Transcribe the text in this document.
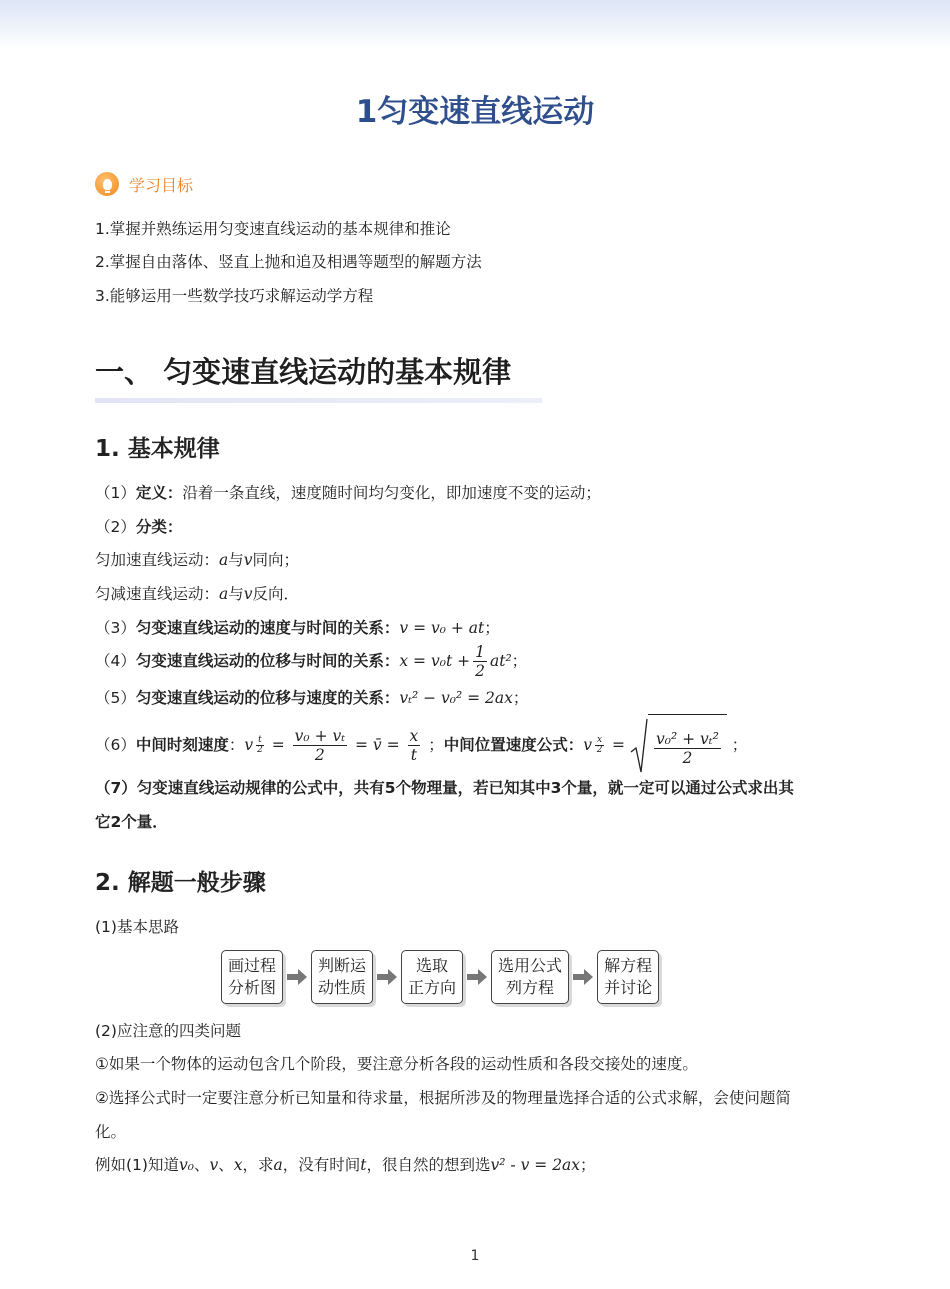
1匀变速直线运动
学习目标
1.掌握并熟练运用匀变速直线运动的基本规律和推论
2.掌握自由落体、竖直上抛和追及相遇等题型的解题方法
3.能够运用一些数学技巧求解运动学方程
一、 匀变速直线运动的基本规律
1. 基本规律
（1）定义：沿着一条直线，速度随时间均匀变化，即加速度不变的运动；
（2）分类：
匀加速直线运动：a与v同向；
匀减速直线运动：a与v反向．
（3）匀变速直线运动的速度与时间的关系：v = v₀ + at；
（4）匀变速直线运动的位移与时间的关系：$x = v_0t + \frac{1}{2} at^2$；
（5）匀变速直线运动的位移与速度的关系：vₜ² − v₀² = 2ax；
（6）中间时刻速度：v $\frac{t}{2} = \frac{\text{v₀ + vₜ}}{2}$ = v̄ = $\frac{x}{t}$ ；中间位置速度公式：v $\frac{x}{2} = \frac{\text{v₀² + vₜ²}}{2}$ ；
（7）匀变速直线运动规律的公式中，共有5个物理量，若已知其中3个量，就一定可以通过公式求出其
它2个量．
2. 解题一般步骤
(1)基本思路
画过程
分析图
判断运
动性质
选取
正方向
选用公式
列方程
解方程
并讨论
(2)应注意的四类问题
①如果一个物体的运动包含几个阶段，要注意分析各段的运动性质和各段交接处的速度。
②选择公式时一定要注意分析已知量和待求量，根据所涉及的物理量选择合适的公式求解，会使问题简
化。
例如(1)知道v₀、v、x，求a，没有时间t，很自然的想到选v² - v = 2ax；
1
